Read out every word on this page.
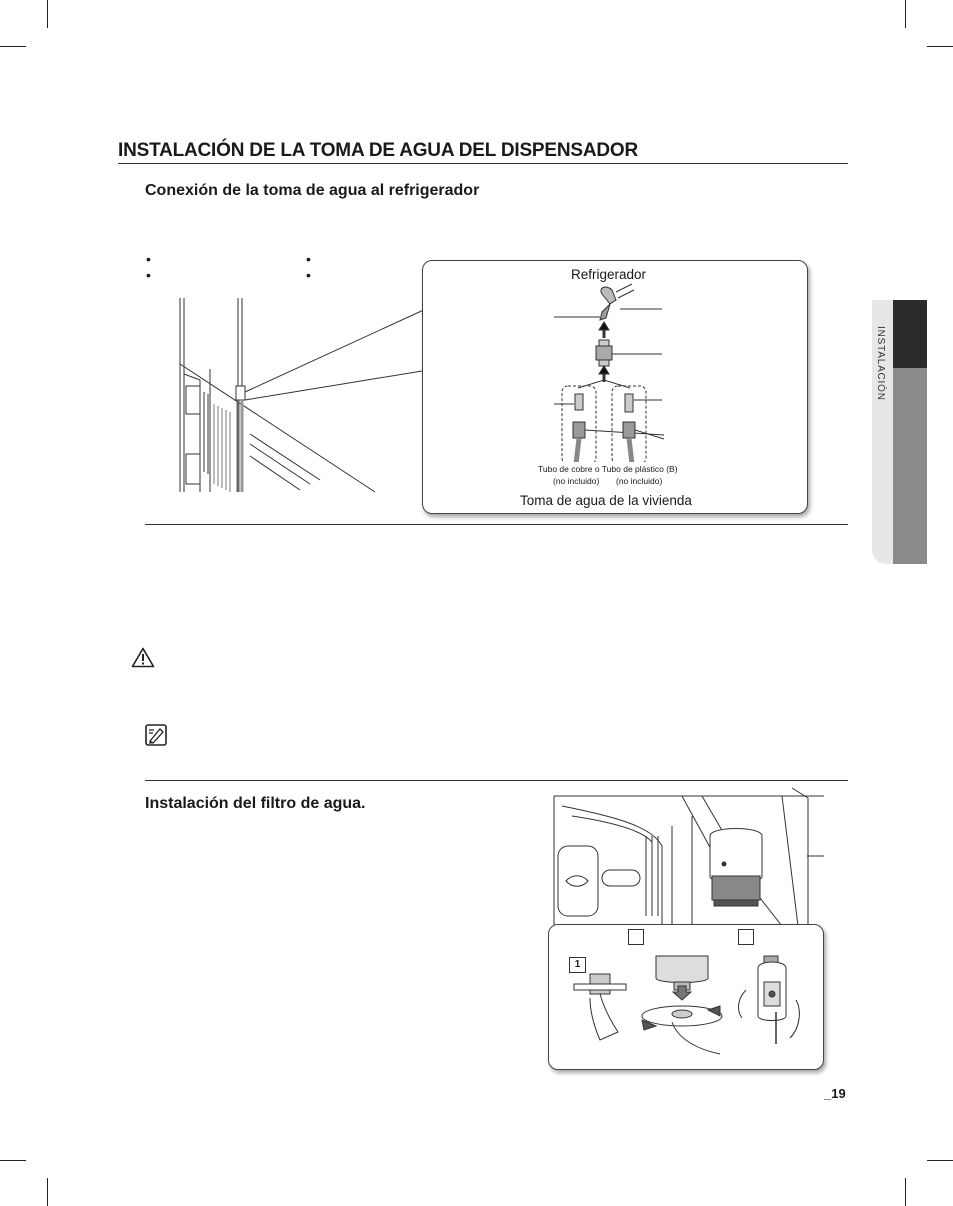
INSTALACIÓN
INSTALACIÓN DE LA TOMA DE AGUA DEL DISPENSADOR
Conexión de la toma de agua al refrigerador
•
•
•
•	Refrigerador
Tubo de cobre o Tubo de plástico (B)
(no incluido) (no incluido)
Toma de agua de la vivienda
Instalación del filtro de agua.
1
_19
